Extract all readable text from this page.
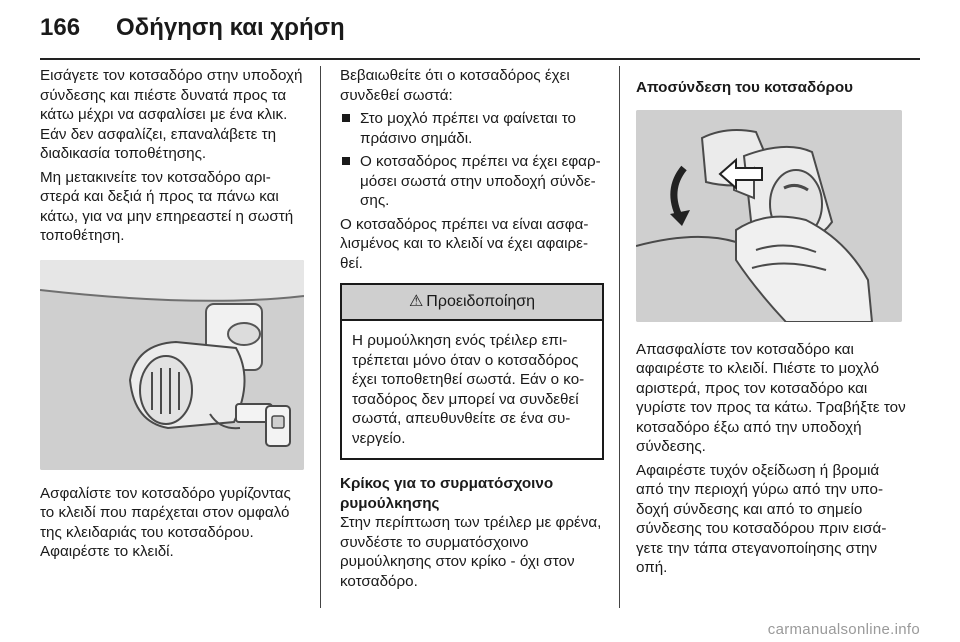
166	Οδήγηση και χρήση

Εισάγετε τον κοτσαδόρο στην υποδοχή σύνδεσης και πιέστε δυνατά προς τα κάτω μέχρι να ασφαλίσει με ένα κλικ. Εάν δεν ασφαλίζει, επαναλάβετε τη διαδικασία τοποθέτησης.

Μη μετακινείτε τον κοτσαδόρο αριστερά και δεξιά ή προς τα πάνω και κάτω, για να μην επηρεαστεί η σωστή τοποθέτηση.

Ασφαλίστε τον κοτσαδόρο γυρίζοντας το κλειδί που παρέχεται στον ομφαλό της κλειδαριάς του κοτσαδόρου. Αφαιρέστε το κλειδί.

Βεβαιωθείτε ότι ο κοτσαδόρος έχει συνδεθεί σωστά:

Στο μοχλό πρέπει να φαίνεται το πράσινο σημάδι.
Ο κοτσαδόρος πρέπει να έχει εφαρμόσει σωστά στην υποδοχή σύνδεσης.

Ο κοτσαδόρος πρέπει να είναι ασφαλισμένος και το κλειδί να έχει αφαιρεθεί.

⚠ Προειδοποίηση
Η ρυμούλκηση ενός τρέιλερ επιτρέπεται μόνο όταν ο κοτσαδόρος έχει τοποθετηθεί σωστά. Εάν ο κοτσαδόρος δεν μπορεί να συνδεθεί σωστά, απευθυνθείτε σε ένα συνεργείο.
Κρίκος για το συρματόσχοινο ρυμούλκησης

Στην περίπτωση των τρέιλερ με φρένα, συνδέστε το συρματόσχοινο ρυμούλκησης στον κρίκο - όχι στον κοτσαδόρο.

Αποσύνδεση του κοτσαδόρου

Απασφαλίστε τον κοτσαδόρο και αφαιρέστε το κλειδί. Πιέστε το μοχλό αριστερά, προς τον κοτσαδόρο και γυρίστε τον προς τα κάτω. Τραβήξτε τον κοτσαδόρο έξω από την υποδοχή σύνδεσης.

Αφαιρέστε τυχόν οξείδωση ή βρομιά από την περιοχή γύρω από την υποδοχή σύνδεσης και από το σημείο σύνδεσης του κοτσαδόρου πριν εισάγετε την τάπα στεγανοποίησης στην οπή.

carmanualsonline.info
